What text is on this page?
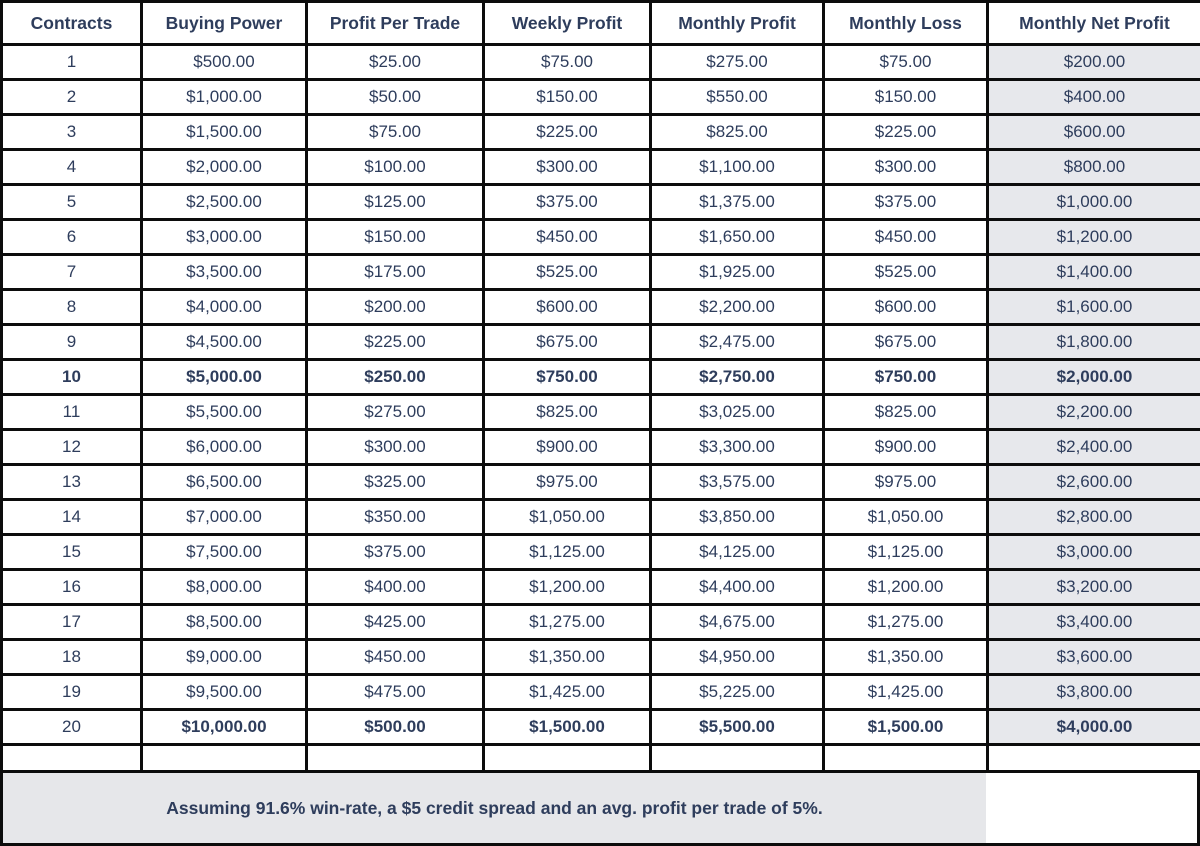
Contracts	Buying Power	Profit Per Trade	Weekly Profit	Monthly Profit	Monthly Loss	Monthly Net Profit
1	$500.00	$25.00	$75.00	$275.00	$75.00	$200.00
2	$1,000.00	$50.00	$150.00	$550.00	$150.00	$400.00
3	$1,500.00	$75.00	$225.00	$825.00	$225.00	$600.00
4	$2,000.00	$100.00	$300.00	$1,100.00	$300.00	$800.00
5	$2,500.00	$125.00	$375.00	$1,375.00	$375.00	$1,000.00
6	$3,000.00	$150.00	$450.00	$1,650.00	$450.00	$1,200.00
7	$3,500.00	$175.00	$525.00	$1,925.00	$525.00	$1,400.00
8	$4,000.00	$200.00	$600.00	$2,200.00	$600.00	$1,600.00
9	$4,500.00	$225.00	$675.00	$2,475.00	$675.00	$1,800.00
10	$5,000.00	$250.00	$750.00	$2,750.00	$750.00	$2,000.00
11	$5,500.00	$275.00	$825.00	$3,025.00	$825.00	$2,200.00
12	$6,000.00	$300.00	$900.00	$3,300.00	$900.00	$2,400.00
13	$6,500.00	$325.00	$975.00	$3,575.00	$975.00	$2,600.00
14	$7,000.00	$350.00	$1,050.00	$3,850.00	$1,050.00	$2,800.00
15	$7,500.00	$375.00	$1,125.00	$4,125.00	$1,125.00	$3,000.00
16	$8,000.00	$400.00	$1,200.00	$4,400.00	$1,200.00	$3,200.00
17	$8,500.00	$425.00	$1,275.00	$4,675.00	$1,275.00	$3,400.00
18	$9,000.00	$450.00	$1,350.00	$4,950.00	$1,350.00	$3,600.00
19	$9,500.00	$475.00	$1,425.00	$5,225.00	$1,425.00	$3,800.00
20	$10,000.00	$500.00	$1,500.00	$5,500.00	$1,500.00	$4,000.00

Assuming 91.6% win-rate, a $5 credit spread and an avg. profit per trade of 5%.
